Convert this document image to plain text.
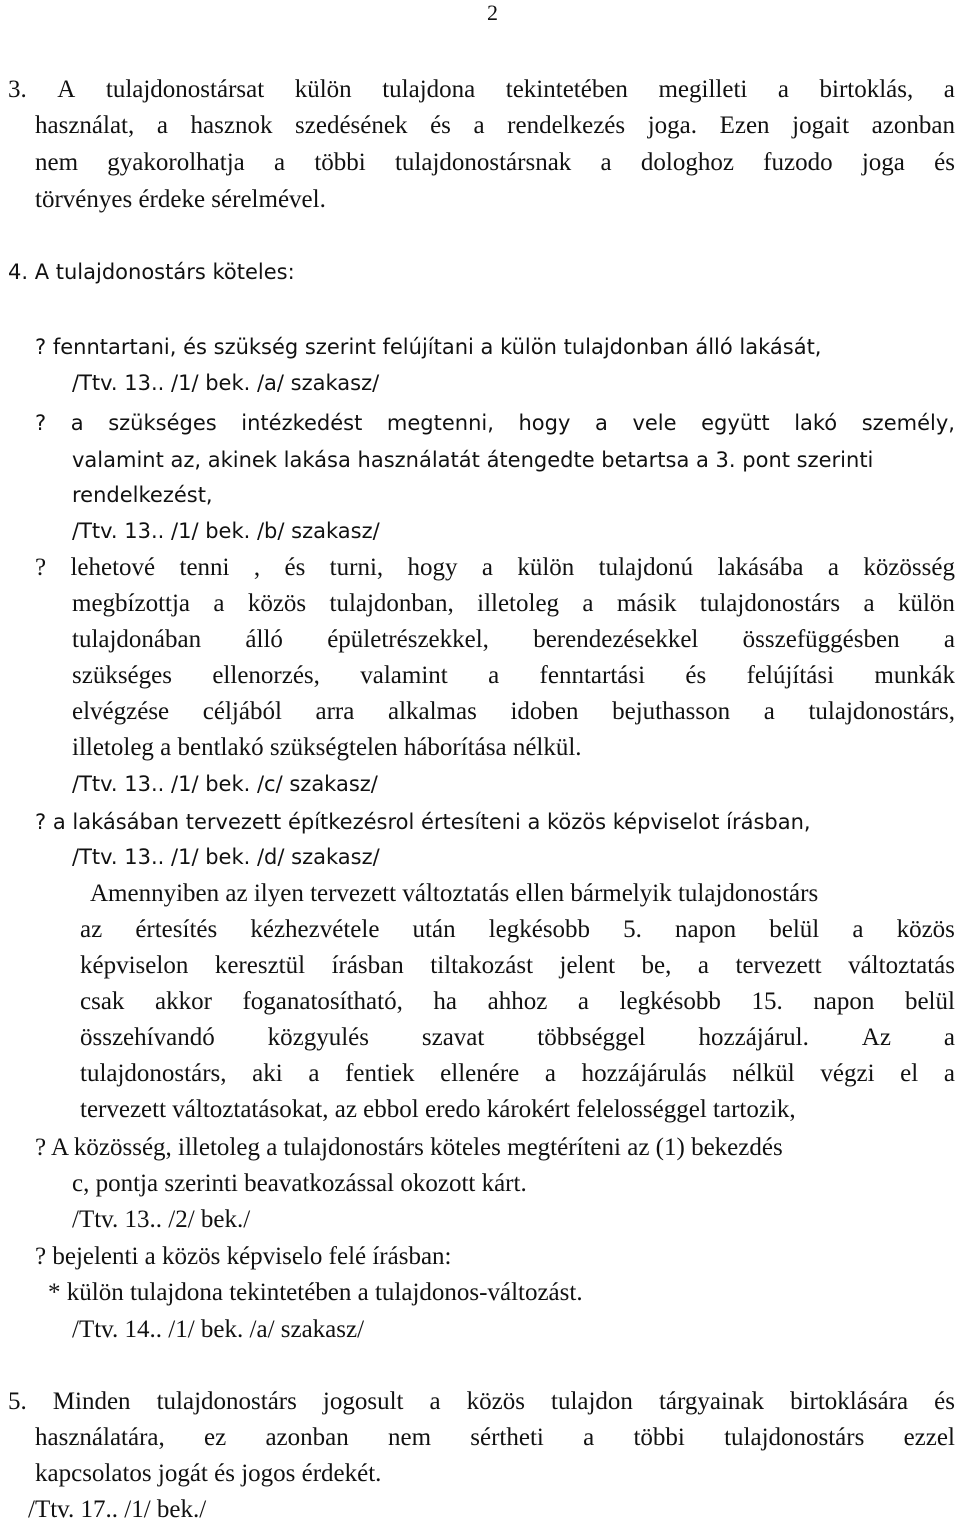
2
3. A tulajdonostársat külön tulajdona tekintetében megilleti a birtoklás, a
használat, a hasznok szedésének és a rendelkezés joga. Ezen jogait azonban
nem gyakorolhatja a többi tulajdonostársnak a dologhoz fuzodo joga és
törvényes érdeke sérelmével.
4. A tulajdonostárs köteles:
? fenntartani, és szükség szerint felújítani a külön tulajdonban álló lakását,
/Ttv. 13.. /1/ bek. /a/ szakasz/
? a szükséges intézkedést megtenni, hogy a vele együtt lakó személy,
valamint az, akinek lakása használatát átengedte betartsa a 3. pont szerinti
rendelkezést,
/Ttv. 13.. /1/ bek. /b/ szakasz/
? lehetové tenni , és turni, hogy a külön tulajdonú lakásába a közösség
megbízottja a közös tulajdonban, illetoleg a másik tulajdonostárs a külön
tulajdonában álló épületrészekkel, berendezésekkel összefüggésben a
szükséges ellenorzés, valamint a fenntartási és felújítási munkák
elvégzése céljából arra alkalmas idoben bejuthasson a tulajdonostárs,
illetoleg a bentlakó szükségtelen háborítása nélkül.
/Ttv. 13.. /1/ bek. /c/ szakasz/
? a lakásában tervezett építkezésrol értesíteni a közös képviselot írásban,
/Ttv. 13.. /1/ bek. /d/ szakasz/
Amennyiben az ilyen tervezett változtatás ellen bármelyik tulajdonostárs
az értesítés kézhezvétele után legkésobb 5. napon belül a közös
képviselon keresztül írásban tiltakozást jelent be, a tervezett változtatás
csak akkor foganatosítható, ha ahhoz a legkésobb 15. napon belül
összehívandó közgyulés szavat többséggel hozzájárul. Az a
tulajdonostárs, aki a fentiek ellenére a hozzájárulás nélkül végzi el a
tervezett változtatásokat, az ebbol eredo károkért felelosséggel tartozik,
? A közösség, illetoleg a tulajdonostárs köteles megtéríteni az (1) bekezdés
c, pontja szerinti beavatkozással okozott kárt.
/Ttv. 13.. /2/ bek./
? bejelenti a közös képviselo felé írásban:
* külön tulajdona tekintetében a tulajdonos-változást.
/Ttv. 14.. /1/ bek. /a/ szakasz/
5. Minden tulajdonostárs jogosult a közös tulajdon tárgyainak birtoklására és
használatára, ez azonban nem sértheti a többi tulajdonostárs ezzel
kapcsolatos jogát és jogos érdekét.
/Ttv. 17.. /1/ bek./
